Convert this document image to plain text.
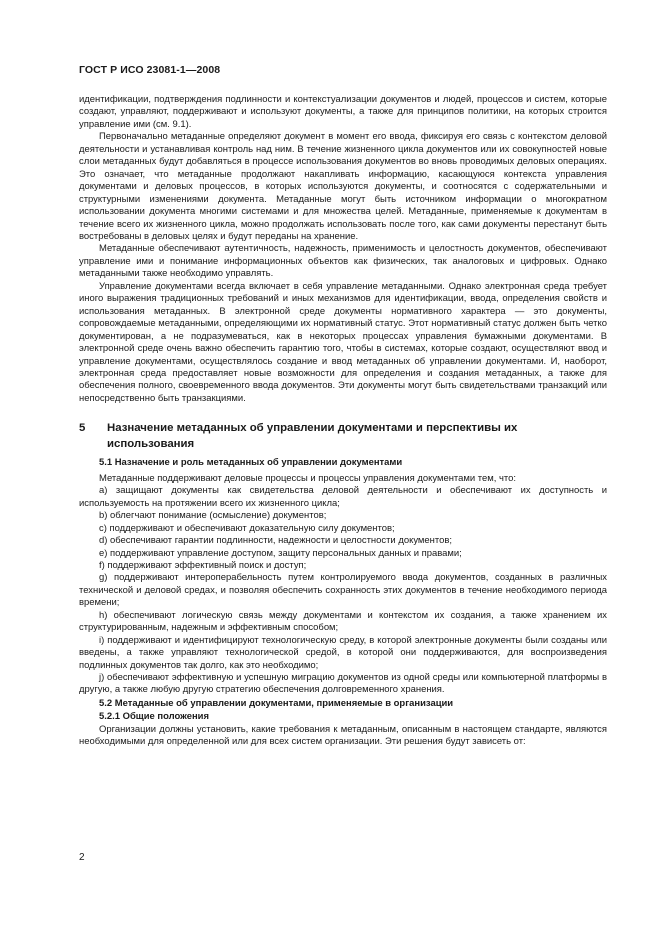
ГОСТ Р ИСО 23081-1—2008

идентификации, подтверждения подлинности и контекстуализации документов и людей, процессов и систем, которые создают, управляют, поддерживают и используют документы, а также для принципов политики, на которых строится управление ими (см. 9.1).

Первоначально метаданные определяют документ в момент его ввода, фиксируя его связь с контекстом деловой деятельности и устанавливая контроль над ним. В течение жизненного цикла документов или их совокупностей новые слои метаданных будут добавляться в процессе использования документов во вновь проводимых деловых операциях. Это означает, что метаданные продолжают накапливать информацию, касающуюся контекста управления документами и деловых процессов, в которых используются документы, и соотносятся с содержательными и структурными изменениями документа. Метаданные могут быть источником информации о многократном использовании документа многими системами и для множества целей. Метаданные, применяемые к документам в течение всего их жизненного цикла, можно продолжать использовать после того, как сами документы перестанут быть востребованы в деловых целях и будут переданы на хранение.

Метаданные обеспечивают аутентичность, надежность, применимость и целостность документов, обеспечивают управление ими и понимание информационных объектов как физических, так аналоговых и цифровых. Однако метаданными также необходимо управлять.

Управление документами всегда включает в себя управление метаданными. Однако электронная среда требует иного выражения традиционных требований и иных механизмов для идентификации, ввода, определения свойств и использования метаданных. В электронной среде документы нормативного характера — это документы, сопровождаемые метаданными, определяющими их нормативный статус. Этот нормативный статус должен быть четко документирован, а не подразумеваться, как в некоторых процессах управления бумажными документами. В электронной среде очень важно обеспечить гарантию того, чтобы в системах, которые создают, осуществляют ввод и управление документами, осуществлялось создание и ввод метаданных об управлении документами. И, наоборот, электронная среда предоставляет новые возможности для определения и создания метаданных, а также для обеспечения полного, своевременного ввода документов. Эти документы могут быть свидетельствами транзакций или непосредственно быть транзакциями.

5 Назначение метаданных об управлении документами и перспективы их использования

5.1 Назначение и роль метаданных об управлении документами

Метаданные поддерживают деловые процессы и процессы управления документами тем, что:

a) защищают документы как свидетельства деловой деятельности и обеспечивают их доступность и используемость на протяжении всего их жизненного цикла;

b) облегчают понимание (осмысление) документов;

c) поддерживают и обеспечивают доказательную силу документов;

d) обеспечивают гарантии подлинности, надежности и целостности документов;

e) поддерживают управление доступом, защиту персональных данных и правами;

f) поддерживают эффективный поиск и доступ;

g) поддерживают интероперабельность путем контролируемого ввода документов, созданных в различных технической и деловой средах, и позволяя обеспечить сохранность этих документов в течение необходимого периода времени;

h) обеспечивают логическую связь между документами и контекстом их создания, а также хранением их структурированным, надежным и эффективным способом;

i) поддерживают и идентифицируют технологическую среду, в которой электронные документы были созданы или введены, а также управляют технологической средой, в которой они поддерживаются, для воспроизведения подлинных документов так долго, как это необходимо;

j) обеспечивают эффективную и успешную миграцию документов из одной среды или компьютерной платформы в другую, а также любую другую стратегию обеспечения долговременного хранения.

5.2 Метаданные об управлении документами, применяемые в организации

5.2.1 Общие положения

Организации должны установить, какие требования к метаданным, описанным в настоящем стандарте, являются необходимыми для определенной или для всех систем организации. Эти решения будут зависеть от:

2
